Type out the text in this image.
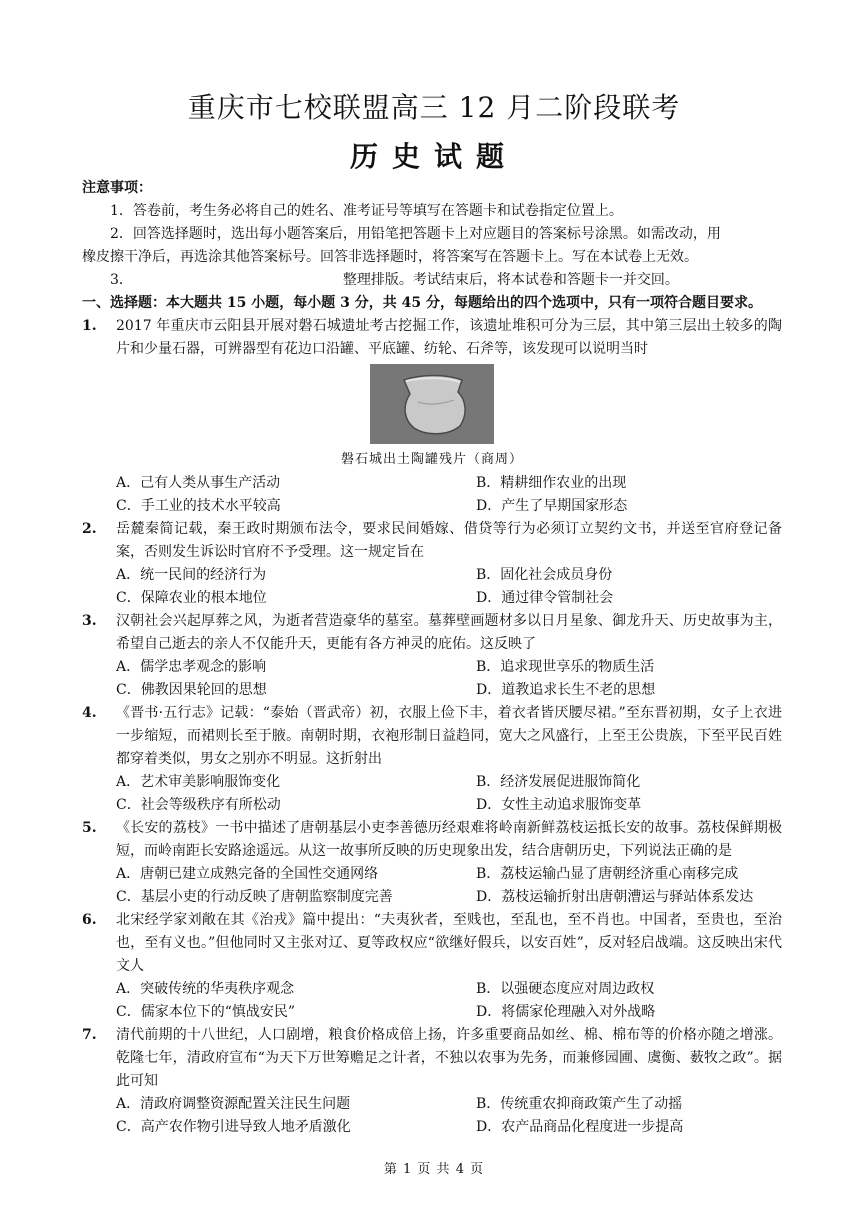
重庆市七校联盟高三 12 月二阶段联考
历史试题
注意事项：
1．答卷前，考生务必将自己的姓名、准考证号等填写在答题卡和试卷指定位置上。
2．回答选择题时，选出每小题答案后，用铅笔把答题卡上对应题目的答案标号涂黑。如需改动，用
橡皮擦干净后，再选涂其他答案标号。回答非选择题时，将答案写在答题卡上。写在本试卷上无效。
3．	整理排版。考试结束后，将本试卷和答题卡一并交回。
一、选择题：本大题共 15 小题，每小题 3 分，共 45 分，每题给出的四个选项中，只有一项符合题目要求。
1.	2017 年重庆市云阳县开展对磐石城遗址考古挖掘工作，该遗址堆积可分为三层，其中第三层出土较多的陶片和少量石器，可辨器型有花边口沿罐、平底罐、纺轮、石斧等，该发现可以说明当时
磐石城出土陶罐残片（商周）
A．己有人类从事生产活动	B．精耕细作农业的出现
C．手工业的技术水平较高	D．产生了早期国家形态
2.	岳麓秦简记载，秦王政时期颁布法令，要求民间婚嫁、借贷等行为必须订立契约文书，并送至官府登记备案，否则发生诉讼时官府不予受理。这一规定旨在
A．统一民间的经济行为	B．固化社会成员身份
C．保障农业的根本地位	D．通过律令管制社会
3.	汉朝社会兴起厚葬之风，为逝者营造豪华的墓室。墓葬壁画题材多以日月星象、御龙升天、历史故事为主，希望自己逝去的亲人不仅能升天，更能有各方神灵的庇佑。这反映了
A．儒学忠孝观念的影响	B．追求现世享乐的物质生活
C．佛教因果轮回的思想	D．道教追求长生不老的思想
4.	《晋书·五行志》记载：“泰始（晋武帝）初，衣服上俭下丰，着衣者皆厌腰尽裙。”至东晋初期，女子上衣进一步缩短，而裙则长至于腋。南朝时期，衣袍形制日益趋同，宽大之风盛行，上至王公贵族，下至平民百姓都穿着类似，男女之别亦不明显。这折射出
A．艺术审美影响服饰变化	B．经济发展促进服饰简化
C．社会等级秩序有所松动	D．女性主动追求服饰变革
5.	《长安的荔枝》一书中描述了唐朝基层小吏李善德历经艰难将岭南新鲜荔枝运抵长安的故事。荔枝保鲜期极短，而岭南距长安路途遥远。从这一故事所反映的历史现象出发，结合唐朝历史，下列说法正确的是
A．唐朝已建立成熟完备的全国性交通网络	B．荔枝运输凸显了唐朝经济重心南移完成
C．基层小吏的行动反映了唐朝监察制度完善	D．荔枝运输折射出唐朝漕运与驿站体系发达
6.	北宋经学家刘敞在其《治戎》篇中提出：“夫夷狄者，至贱也，至乱也，至不肖也。中国者，至贵也，至治也，至有义也。”但他同时又主张对辽、夏等政权应“欲继好假兵，以安百姓”，反对轻启战端。这反映出宋代文人
A．突破传统的华夷秩序观念	B．以强硬态度应对周边政权
C．儒家本位下的“慎战安民”	D．将儒家伦理融入对外战略
7.	清代前期的十八世纪，人口剧增，粮食价格成倍上扬，许多重要商品如丝、棉、棉布等的价格亦随之增涨。乾隆七年，清政府宣布“为天下万世筹赡足之计者，不独以农事为先务，而兼修园圃、虞衡、薮牧之政”。据此可知
A．清政府调整资源配置关注民生问题	B．传统重农抑商政策产生了动摇
C．高产农作物引进导致人地矛盾激化	D．农产品商品化程度进一步提高
第 1 页 共 4 页
